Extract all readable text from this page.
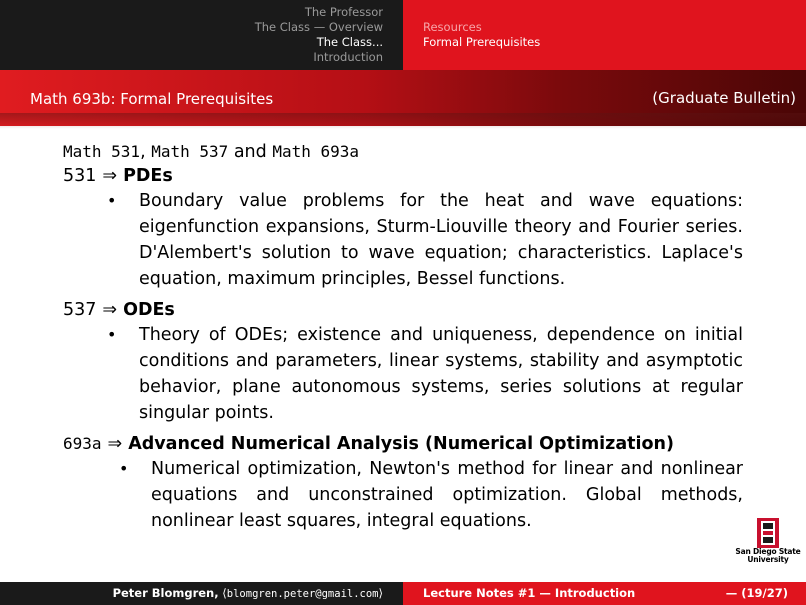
The Professor
The Class — Overview
The Class...
Introduction
Resources
Formal Prerequisites
Math 693b: Formal Prerequisites	(Graduate Bulletin)
Math 531, Math 537 and Math 693a
531 ⇒ PDEs
• Boundary value problems for the heat and wave equations: eigenfunction expansions, Sturm-Liouville theory and Fourier series. D'Alembert's solution to wave equation; characteristics. Laplace's equation, maximum principles, Bessel functions.
537 ⇒ ODEs
• Theory of ODEs; existence and uniqueness, dependence on initial conditions and parameters, linear systems, stability and asymptotic behavior, plane autonomous systems, series solutions at regular singular points.
693a ⇒ Advanced Numerical Analysis (Numerical Optimization)
• Numerical optimization, Newton's method for linear and nonlinear equations and unconstrained optimization. Global methods, nonlinear least squares, integral equations.
San Diego State
University
Peter Blomgren, ⟨blomgren.peter@gmail.com⟩	Lecture Notes #1 — Introduction	— (19/27)
